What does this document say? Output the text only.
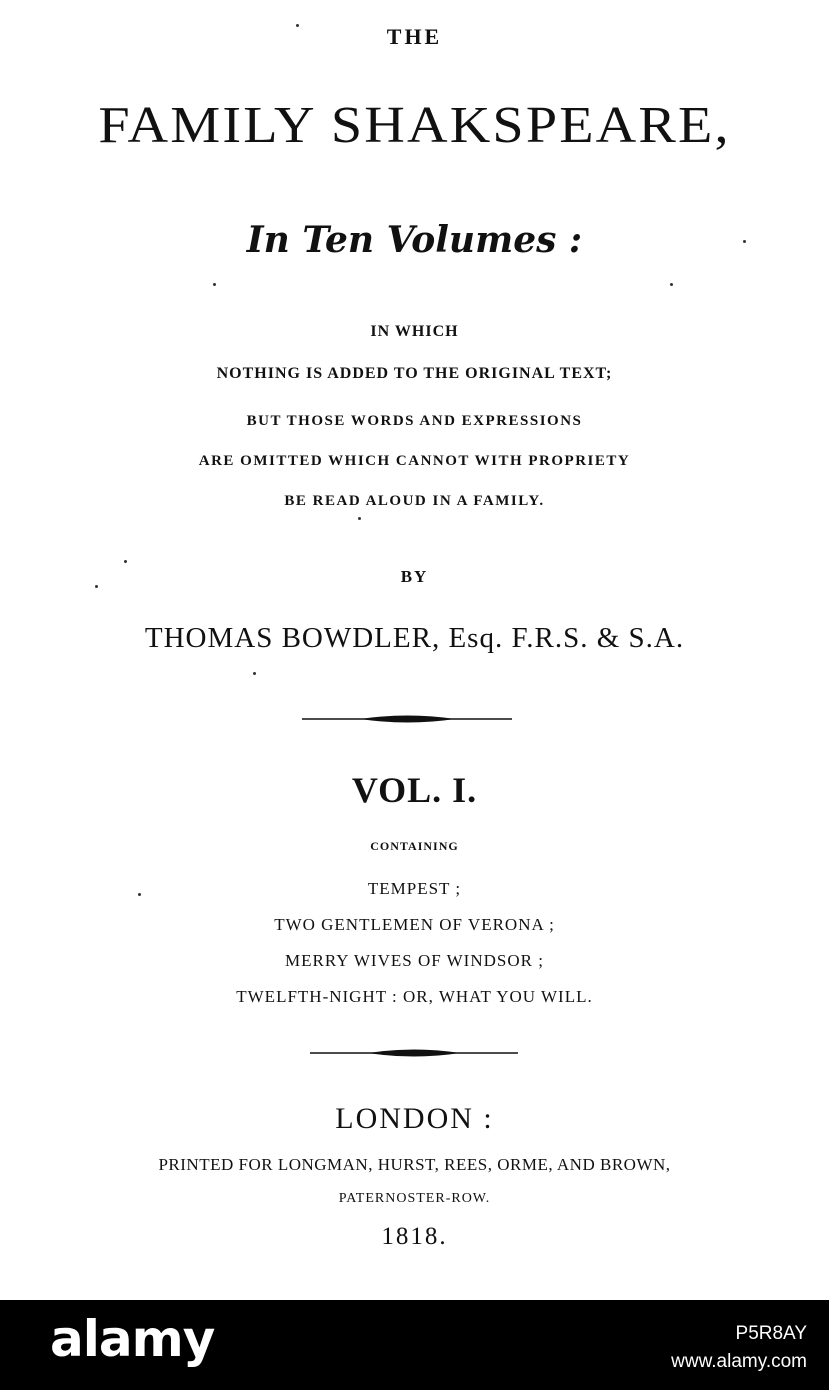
THE
FAMILY SHAKSPEARE,
In Ten Volumes :
IN WHICH
NOTHING IS ADDED TO THE ORIGINAL TEXT;
BUT THOSE WORDS AND EXPRESSIONS
ARE OMITTED WHICH CANNOT WITH PROPRIETY
BE READ ALOUD IN A FAMILY.
BY
THOMAS BOWDLER, Esq. F.R.S. & S.A.
VOL. I.
CONTAINING
TEMPEST ;
TWO GENTLEMEN OF VERONA ;
MERRY WIVES OF WINDSOR ;
TWELFTH-NIGHT : OR, WHAT YOU WILL.
LONDON :
PRINTED FOR LONGMAN, HURST, REES, ORME, AND BROWN,
PATERNOSTER-ROW.
1818.
alamy	P5R8AY
www.alamy.com
